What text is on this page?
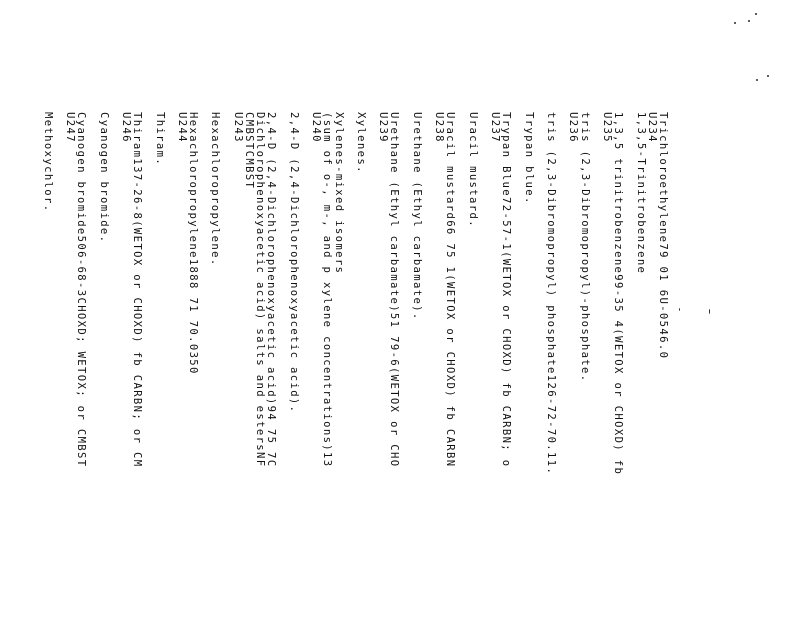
Trichloroethylene79 01 6U-0546.0
U234
1,3,5-Trinitrobenzene
1,3,5 trinitrobenzene99-35 4(WETOX or CHOXD) fb
U235
tris (2,3-Dibromopropyl)-phosphate.
U236
tris (2,3-Dibromopropyl) phosphate126-72-70.11.
Trypan blue.
Trypan Blue72-57-1(WETOX or CHOXD) fb CARBN; o
U237
Uracil mustard.
Uracil mustard66 75 1(WETOX or CHOXD) fb CARBN
U238
Urethane (Ethyl carbamate).
Urethane (Ethyl carbamate)51 79-6(WETOX or CHO
U239
Xylenes.
Xylenes-mixed isomers
(sum of o-, m-, and p xylene concentrations)13
U240
2,4-D (2,4-Dichlorophenoxyacetic acid).
2,4-D (2,4-Dichlorophenoxyacetic acid)94 75 7C
Dichlorophenoxyacetic acid) salts and estersNF
CMBSTCMBST
U243
Hexachloropropylene.
Hexachloropropylene1888 71 70.0350
U244
Thiram.
Thiram137-26-8(WETOX or CHOXD) fb CARBN; or CM
U246
Cyanogen bromide.
Cyanogen bromide506-68-3CHOXD; WETOX; or CMBST
U247
Methoxychlor.
